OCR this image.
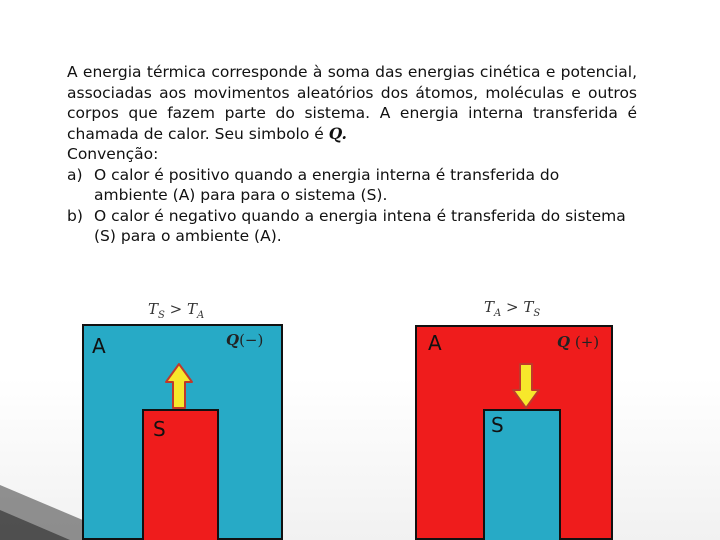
A energia térmica corresponde à soma das energias cinética e potencial, associadas aos movimentos aleatórios dos átomos, moléculas e outros corpos que fazem parte do sistema. A energia interna transferida é chamada de calor. Seu simbolo é Q.
Convenção:
a) O calor é positivo quando a energia interna é transferida do ambiente (A) para para o sistema (S).
b) O calor é negativo quando a energia intena é transferida do sistema (S) para o ambiente (A).
$T_S > T_A$
A	Q(−)
S
$T_A > T_S$
A	Q (+)
S
